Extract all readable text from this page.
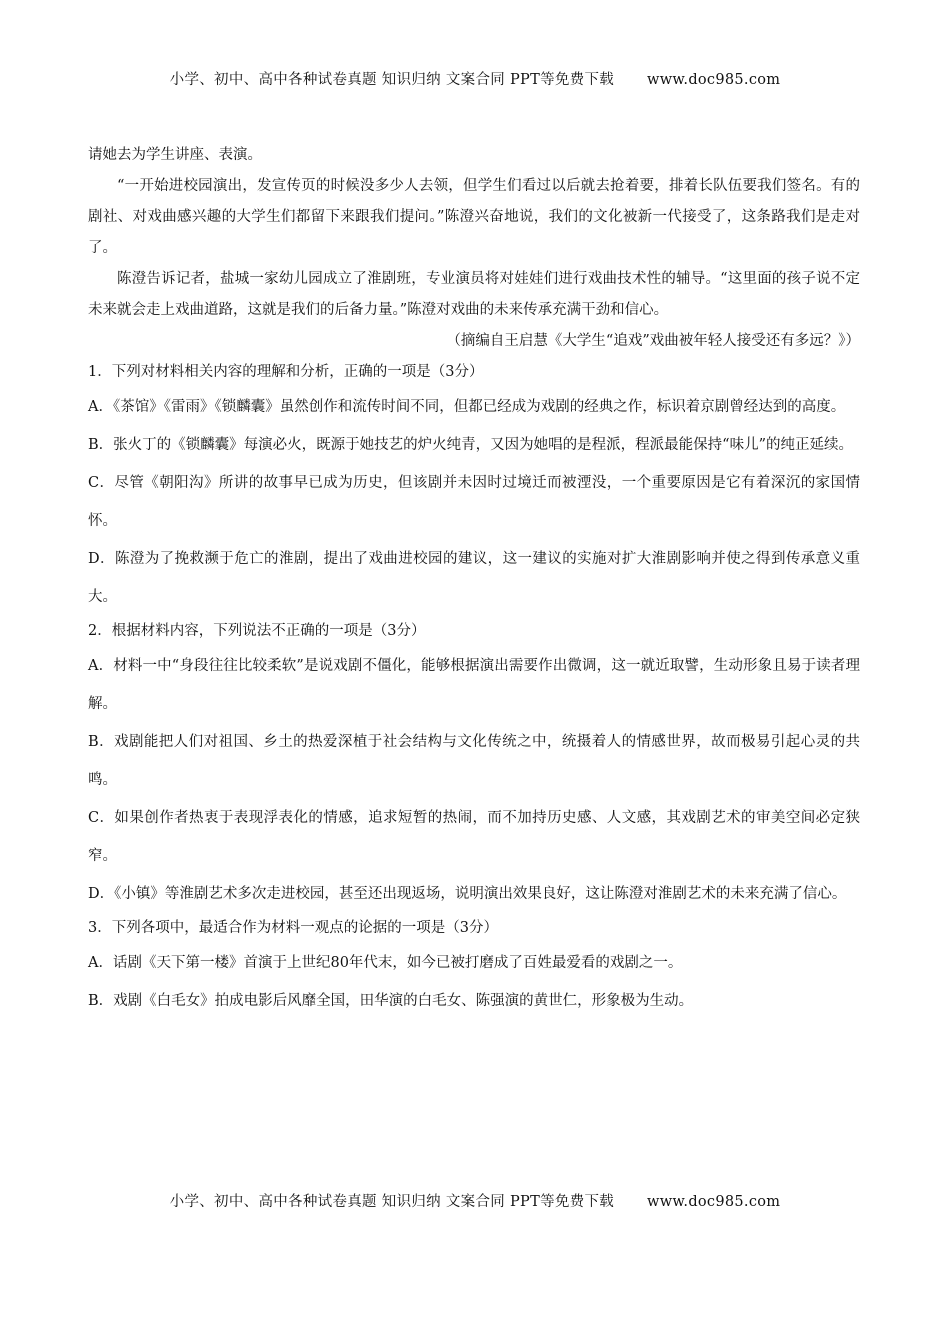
小学、初中、高中各种试卷真题 知识归纳 文案合同 PPT等免费下载 www.doc985.com

请她去为学生讲座、表演。

“一开始进校园演出，发宣传页的时候没多少人去领，但学生们看过以后就去抢着要，排着长队伍要我们签名。有的剧社、对戏曲感兴趣的大学生们都留下来跟我们提问。”陈澄兴奋地说，我们的文化被新一代接受了，这条路我们是走对了。

陈澄告诉记者，盐城一家幼儿园成立了淮剧班，专业演员将对娃娃们进行戏曲技术性的辅导。“这里面的孩子说不定未来就会走上戏曲道路，这就是我们的后备力量。”陈澄对戏曲的未来传承充满干劲和信心。

（摘编自王启慧《大学生“追戏”戏曲被年轻人接受还有多远？》）

1．下列对材料相关内容的理解和分析，正确的一项是（3分）

A．《茶馆》《雷雨》《锁麟囊》虽然创作和流传时间不同，但都已经成为戏剧的经典之作，标识着京剧曾经达到的高度。

B．张火丁的《锁麟囊》每演必火，既源于她技艺的炉火纯青，又因为她唱的是程派，程派最能保持“味儿”的纯正延续。

C．尽管《朝阳沟》所讲的故事早已成为历史，但该剧并未因时过境迁而被湮没，一个重要原因是它有着深沉的家国情怀。

D．陈澄为了挽救濒于危亡的淮剧，提出了戏曲进校园的建议，这一建议的实施对扩大淮剧影响并使之得到传承意义重大。

2．根据材料内容，下列说法不正确的一项是（3分）

A．材料一中“身段往往比较柔软”是说戏剧不僵化，能够根据演出需要作出微调，这一就近取譬，生动形象且易于读者理解。

B．戏剧能把人们对祖国、乡土的热爱深植于社会结构与文化传统之中，统摄着人的情感世界，故而极易引起心灵的共鸣。

C．如果创作者热衷于表现浮表化的情感，追求短暂的热闹，而不加持历史感、人文感，其戏剧艺术的审美空间必定狭窄。

D．《小镇》等淮剧艺术多次走进校园，甚至还出现返场，说明演出效果良好，这让陈澄对淮剧艺术的未来充满了信心。

3．下列各项中，最适合作为材料一观点的论据的一项是（3分）

A．话剧《天下第一楼》首演于上世纪80年代末，如今已被打磨成了百姓最爱看的戏剧之一。

B．戏剧《白毛女》拍成电影后风靡全国，田华演的白毛女、陈强演的黄世仁，形象极为生动。

小学、初中、高中各种试卷真题 知识归纳 文案合同 PPT等免费下载 www.doc985.com
